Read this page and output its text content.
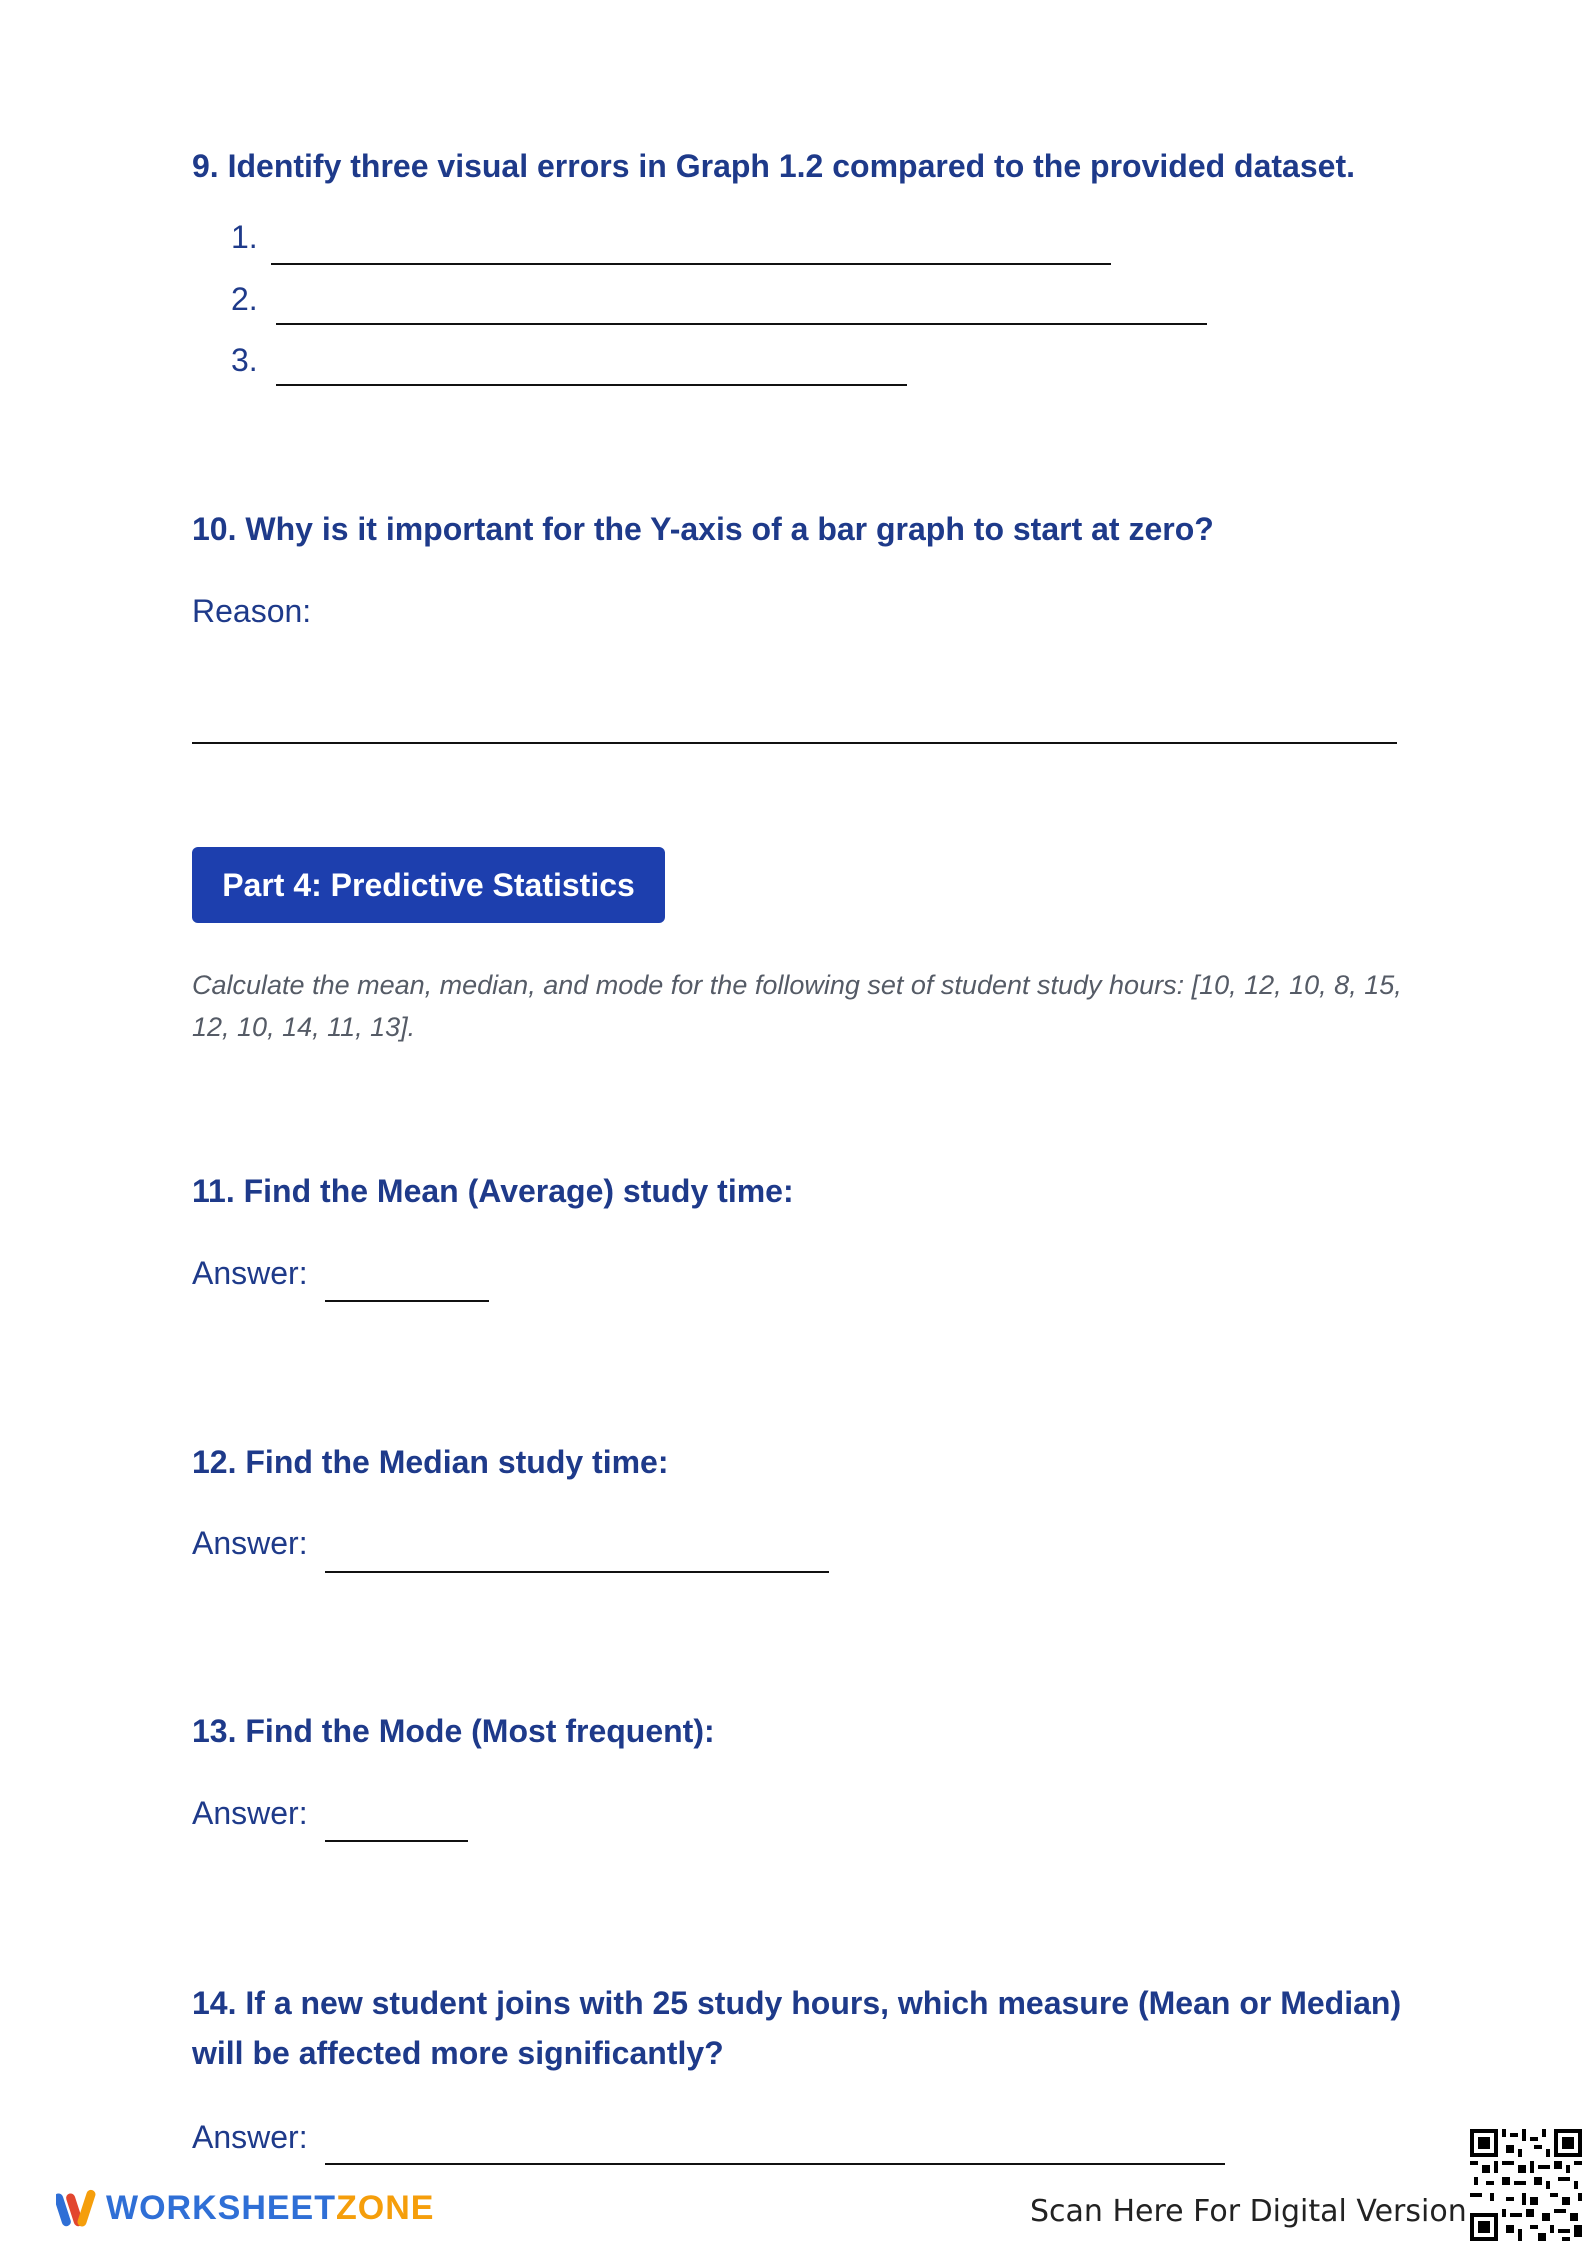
9. Identify three visual errors in Graph 1.2 compared to the provided dataset.
1.
2.
3.
10. Why is it important for the Y-axis of a bar graph to start at zero?
Reason:
Part 4: Predictive Statistics
Calculate the mean, median, and mode for the following set of student study hours: [10, 12, 10, 8, 15, 12, 10, 14, 11, 13].
11. Find the Mean (Average) study time:
Answer:
12. Find the Median study time:
Answer:
13. Find the Mode (Most frequent):
Answer:
14. If a new student joins with 25 study hours, which measure (Mean or Median) will be affected more significantly?
Answer:
WORKSHEETZONE	Scan Here For Digital Version
